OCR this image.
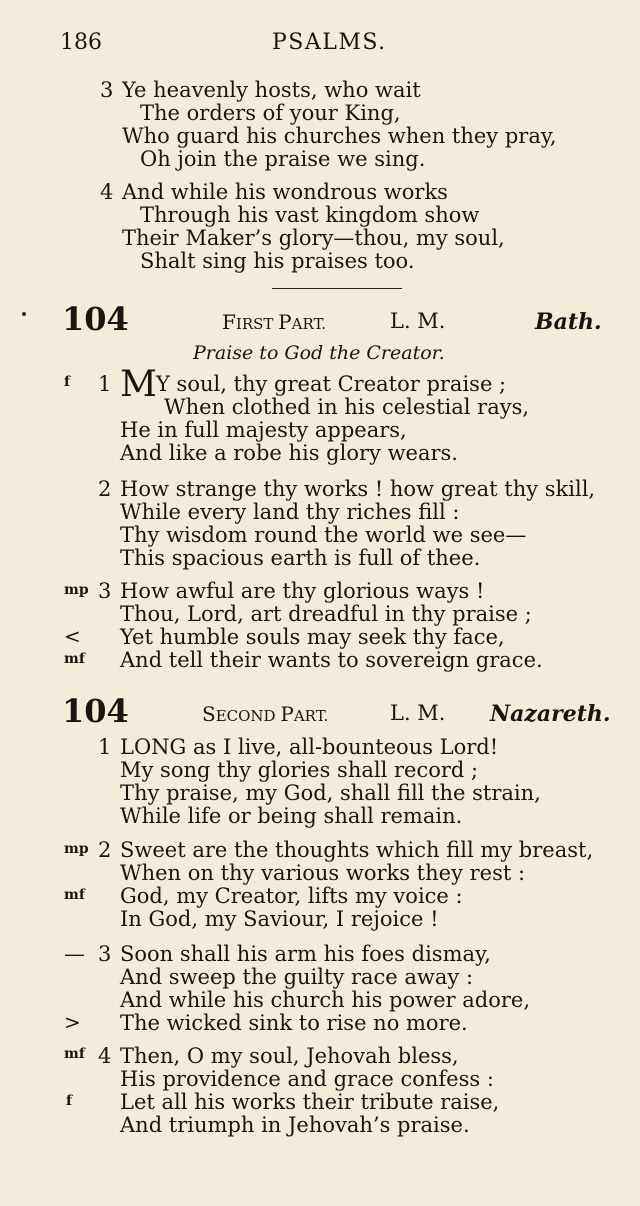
186	PSALMS.
3 Ye heavenly hosts, who wait
The orders of your King,
Who guard his churches when they pray,
Oh join the praise we sing.
4 And while his wondrous works
Through his vast kingdom show
Their Maker’s glory—thou, my soul,
Shalt sing his praises too.
104	FIRST PART.	L. M.	Bath.
Praise to God the Creator.
f 1 M Y soul, thy great Creator praise ;
When clothed in his celestial rays,
He in full majesty appears,
And like a robe his glory wears.
2 How strange thy works ! how great thy skill,
While every land thy riches fill :
Thy wisdom round the world we see—
This spacious earth is full of thee.
mp 3 How awful are thy glorious ways !
Thou, Lord, art dreadful in thy praise ;
< Yet humble souls may seek thy face,
mf And tell their wants to sovereign grace.
104	SECOND PART.	L. M. Nazareth.
1 LONG as I live, all-bounteous Lord!
My song thy glories shall record ;
Thy praise, my God, shall fill the strain,
While life or being shall remain.
mp 2 Sweet are the thoughts which fill my breast,
When on thy various works they rest :
mf God, my Creator, lifts my voice :
In God, my Saviour, I rejoice !
— 3 Soon shall his arm his foes dismay,
And sweep the guilty race away :
And while his church his power adore,
> The wicked sink to rise no more.
mf 4 Then, O my soul, Jehovah bless,
His providence and grace confess :
f Let all his works their tribute raise,
And triumph in Jehovah’s praise.
